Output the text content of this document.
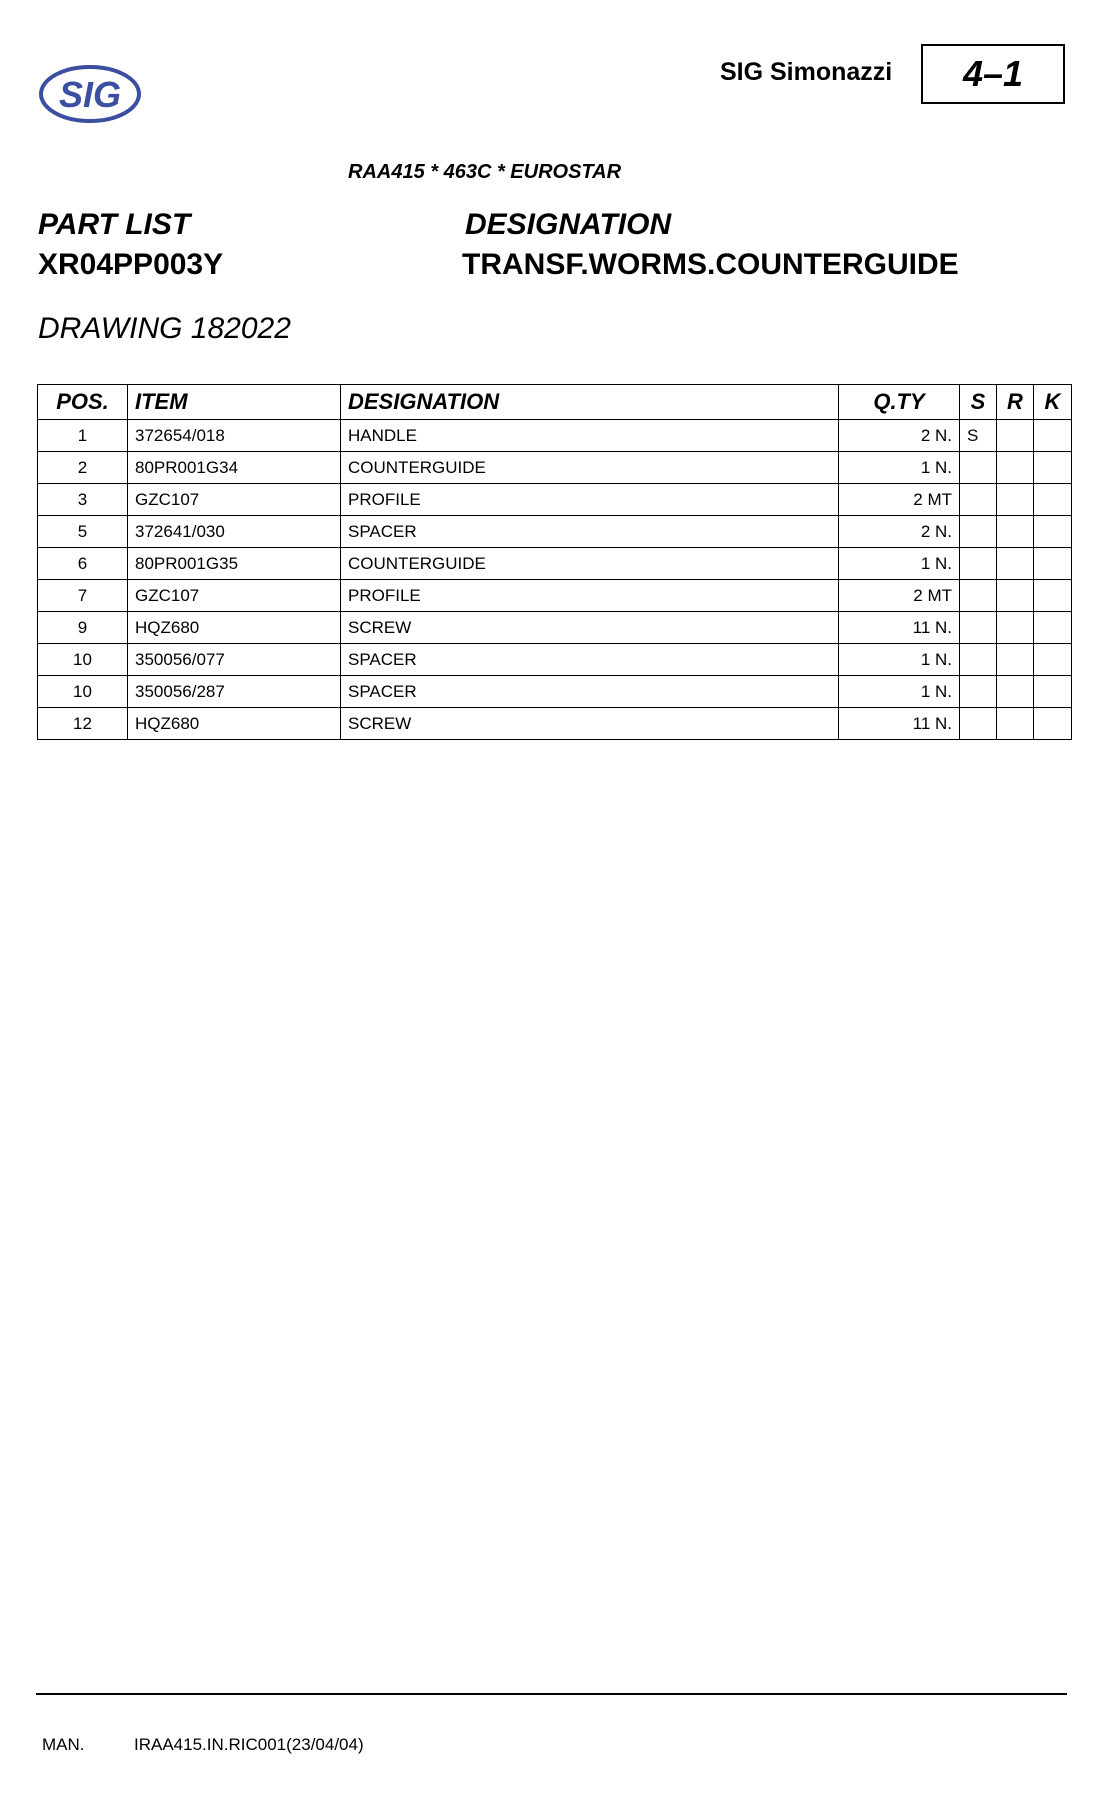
SIG
SIG Simonazzi	4–1
RAA415 * 463C * EUROSTAR
PART LIST
XR04PP003Y
DESIGNATION
TRANSF.WORMS.COUNTERGUIDE
DRAWING 182022
POS.	ITEM	DESIGNATION	Q.TY	S	R	K
1	372654/018	HANDLE	2 N.	S		
2	80PR001G34	COUNTERGUIDE	1 N.			
3	GZC107	PROFILE	2 MT			
5	372641/030	SPACER	2 N.			
6	80PR001G35	COUNTERGUIDE	1 N.			
7	GZC107	PROFILE	2 MT			
9	HQZ680	SCREW	11 N.			
10	350056/077	SPACER	1 N.			
10	350056/287	SPACER	1 N.			
12	HQZ680	SCREW	11 N.			
MAN.	IRAA415.IN.RIC001(23/04/04)
